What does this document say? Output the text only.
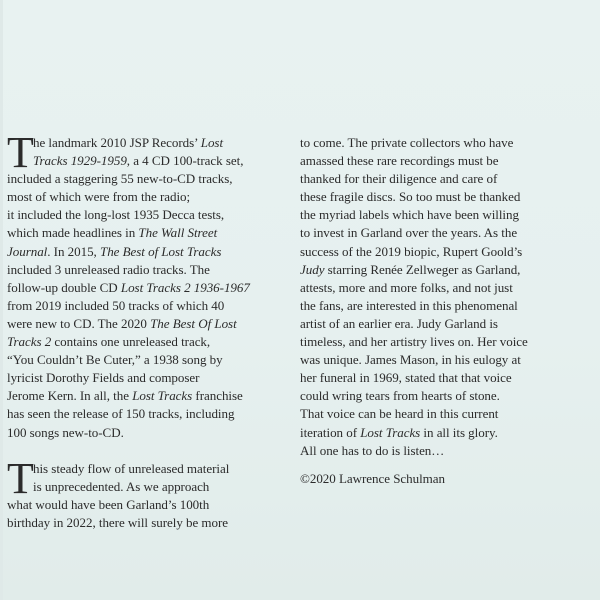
T he landmark 2010 JSP Records’ Lost
Tracks 1929-1959, a 4 CD 100-track set,
included a staggering 55 new-to-CD tracks,
most of which were from the radio;
it included the long-lost 1935 Decca tests,
which made headlines in The Wall Street
Journal. In 2015, The Best of Lost Tracks
included 3 unreleased radio tracks. The
follow-up double CD Lost Tracks 2 1936-1967
from 2019 included 50 tracks of which 40
were new to CD. The 2020 The Best Of Lost
Tracks 2 contains one unreleased track,
“You Couldn’t Be Cuter,” a 1938 song by
lyricist Dorothy Fields and composer
Jerome Kern. In all, the Lost Tracks franchise
has seen the release of 150 tracks, including
100 songs new-to-CD.
T his steady flow of unreleased material
is unprecedented. As we approach
what would have been Garland’s 100th
birthday in 2022, there will surely be more
to come. The private collectors who have
amassed these rare recordings must be
thanked for their diligence and care of
these fragile discs. So too must be thanked
the myriad labels which have been willing
to invest in Garland over the years. As the
success of the 2019 biopic, Rupert Goold’s
Judy starring Renée Zellweger as Garland,
attests, more and more folks, and not just
the fans, are interested in this phenomenal
artist of an earlier era. Judy Garland is
timeless, and her artistry lives on. Her voice
was unique. James Mason, in his eulogy at
her funeral in 1969, stated that that voice
could wring tears from hearts of stone.
That voice can be heard in this current
iteration of Lost Tracks in all its glory.
All one has to do is listen…
©2020 Lawrence Schulman
